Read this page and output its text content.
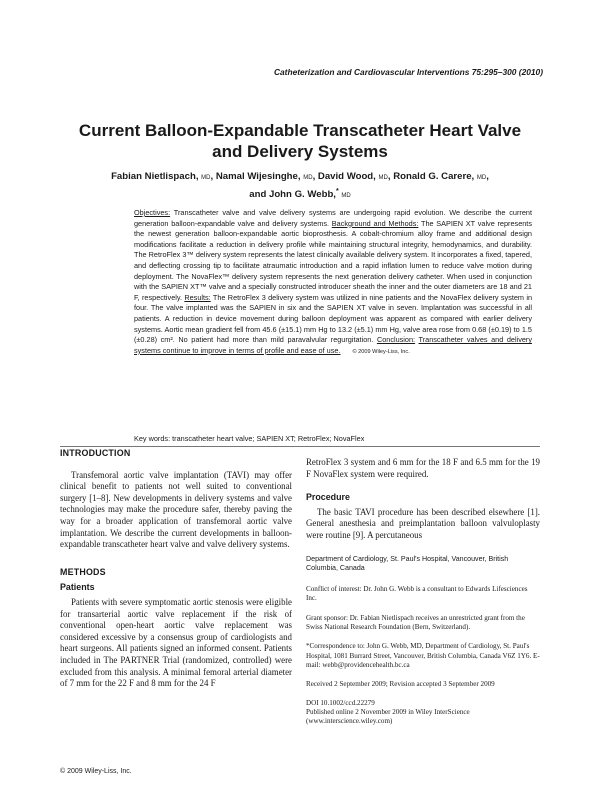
Catheterization and Cardiovascular Interventions 75:295–300 (2010)
Current Balloon-Expandable Transcatheter Heart Valve
and Delivery Systems
Fabian Nietlispach, MD, Namal Wijesinghe, MD, David Wood, MD, Ronald G. Carere, MD,
and John G. Webb,* MD
Objectives: Transcatheter valve and valve delivery systems are undergoing rapid evolution. We describe the current generation balloon-expandable valve and delivery systems. Background and Methods: The SAPIEN XT valve represents the newest generation balloon-expandable aortic bioprosthesis. A cobalt-chromium alloy frame and additional design modifications facilitate a reduction in delivery profile while maintaining structural integrity, hemodynamics, and durability. The RetroFlex 3™ delivery system represents the latest clinically available delivery system. It incorporates a fixed, tapered, and deflecting crossing tip to facilitate atraumatic introduction and a rapid inflation lumen to reduce valve motion during deployment. The NovaFlex™ delivery system represents the next generation delivery catheter. When used in conjunction with the SAPIEN XT™ valve and a specially constructed introducer sheath the inner and the outer diameters are 18 and 21 F, respectively. Results: The RetroFlex 3 delivery system was utilized in nine patients and the NovaFlex delivery system in four. The valve implanted was the SAPIEN in six and the SAPIEN XT valve in seven. Implantation was successful in all patients. A reduction in device movement during balloon deployment was apparent as compared with earlier delivery systems. Aortic mean gradient fell from 45.6 (±15.1) mm Hg to 13.2 (±5.1) mm Hg, valve area rose from 0.68 (±0.19) to 1.5 (±0.28) cm². No patient had more than mild paravalvular regurgitation. Conclusion: Transcatheter valves and delivery systems continue to improve in terms of profile and ease of use. © 2009 Wiley-Liss, Inc.
Key words: transcatheter heart valve; SAPIEN XT; RetroFlex; NovaFlex
INTRODUCTION

Transfemoral aortic valve implantation (TAVI) may offer clinical benefit to patients not well suited to conventional surgery [1–8]. New developments in delivery systems and valve technologies may make the procedure safer, thereby paving the way for a broader application of transfemoral aortic valve implantation. We describe the current developments in balloon-expandable transcatheter heart valve and valve delivery systems.

METHODS
Patients

Patients with severe symptomatic aortic stenosis were eligible for transarterial aortic valve replacement if the risk of conventional open-heart aortic valve replacement was considered excessive by a consensus group of cardiologists and heart surgeons. All patients signed an informed consent. Patients included in The PARTNER Trial (randomized, controlled) were excluded from this analysis. A minimal femoral arterial diameter of 7 mm for the 22 F and 8 mm for the 24 F

RetroFlex 3 system and 6 mm for the 18 F and 6.5 mm for the 19 F NovaFlex system were required.

Procedure

The basic TAVI procedure has been described elsewhere [1]. General anesthesia and preimplantation balloon valvuloplasty were routine [9]. A percutaneous

Department of Cardiology, St. Paul's Hospital, Vancouver, British Columbia, Canada
Conflict of interest: Dr. John G. Webb is a consultant to Edwards Lifesciences Inc.
Grant sponsor: Dr. Fabian Nietlispach receives an unrestricted grant from the Swiss National Research Foundation (Bern, Switzerland).
*Correspondence to: John G. Webb, MD, Department of Cardiology, St. Paul's Hospital, 1081 Burrard Street, Vancouver, British Columbia, Canada V6Z 1Y6. E-mail: webb@providencehealth.bc.ca
Received 2 September 2009; Revision accepted 3 September 2009
DOI 10.1002/ccd.22279
Published online 2 November 2009 in Wiley InterScience (www.interscience.wiley.com)
© 2009 Wiley-Liss, Inc.
